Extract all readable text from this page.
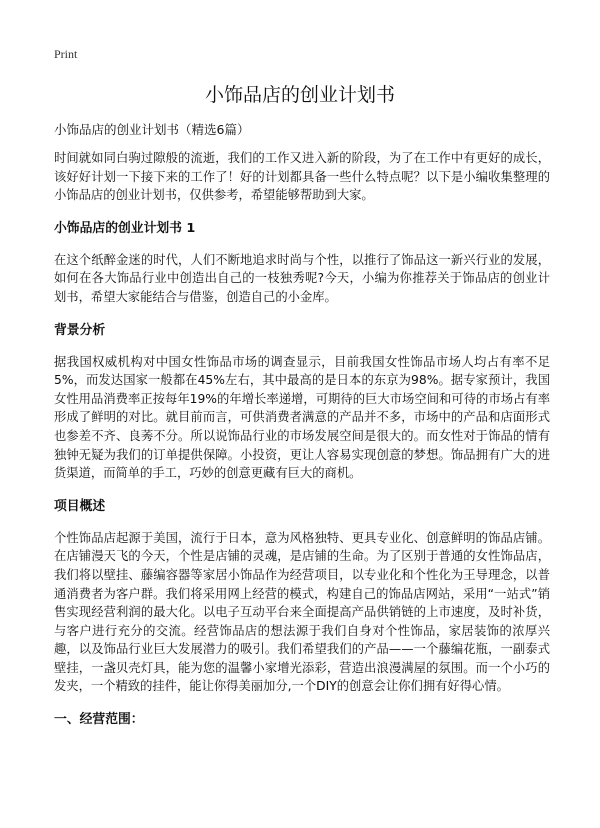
Print
小饰品店的创业计划书
小饰品店的创业计划书（精选6篇）

时间就如同白驹过隙般的流逝，我们的工作又进入新的阶段，为了在工作中有更好的成长，该好好计划一下接下来的工作了！好的计划都具备一些什么特点呢？以下是小编收集整理的小饰品店的创业计划书，仅供参考，希望能够帮助到大家。

小饰品店的创业计划书 1

在这个纸醉金迷的时代，人们不断地追求时尚与个性，以推行了饰品这一新兴行业的发展，如何在各大饰品行业中创造出自己的一枝独秀呢?今天，小编为你推荐关于饰品店的创业计划书，希望大家能结合与借鉴，创造自己的小金库。

背景分析

据我国权威机构对中国女性饰品市场的调查显示，目前我国女性饰品市场人均占有率不足5%，而发达国家一般都在45%左右，其中最高的是日本的东京为98%。据专家预计，我国女性用品消费率正按每年19%的年增长率递增，可期待的巨大市场空间和可待的市场占有率形成了鲜明的对比。就目前而言，可供消费者满意的产品并不多，市场中的产品和店面形式也参差不齐、良莠不分。所以说饰品行业的市场发展空间是很大的。而女性对于饰品的情有独钟无疑为我们的订单提供保障。小投资，更让人容易实现创意的梦想。饰品拥有广大的进货渠道，而简单的手工，巧妙的创意更藏有巨大的商机。

项目概述

个性饰品店起源于美国，流行于日本，意为风格独特、更具专业化、创意鲜明的饰品店铺。在店铺漫天飞的今天，个性是店铺的灵魂，是店铺的生命。为了区别于普通的女性饰品店，我们将以壁挂、藤编容器等家居小饰品作为经营项目，以专业化和个性化为王导理念，以普通消费者为客户群。我们将采用网上经营的模式，构建自己的饰品店网站，采用“一站式”销售实现经营利润的最大化。以电子互动平台来全面提高产品供销链的上市速度，及时补货，与客户进行充分的交流。经营饰品店的想法源于我们自身对个性饰品，家居装饰的浓厚兴趣，以及饰品行业巨大发展潜力的吸引。我们希望我们的产品——一个藤编花瓶，一副泰式壁挂，一盏贝壳灯具，能为您的温馨小家增光添彩，营造出浪漫满屋的氛围。而一个小巧的发夹，一个精致的挂件，能让你得美丽加分,一个DIY的创意会让你们拥有好得心情。

一、经营范围：
